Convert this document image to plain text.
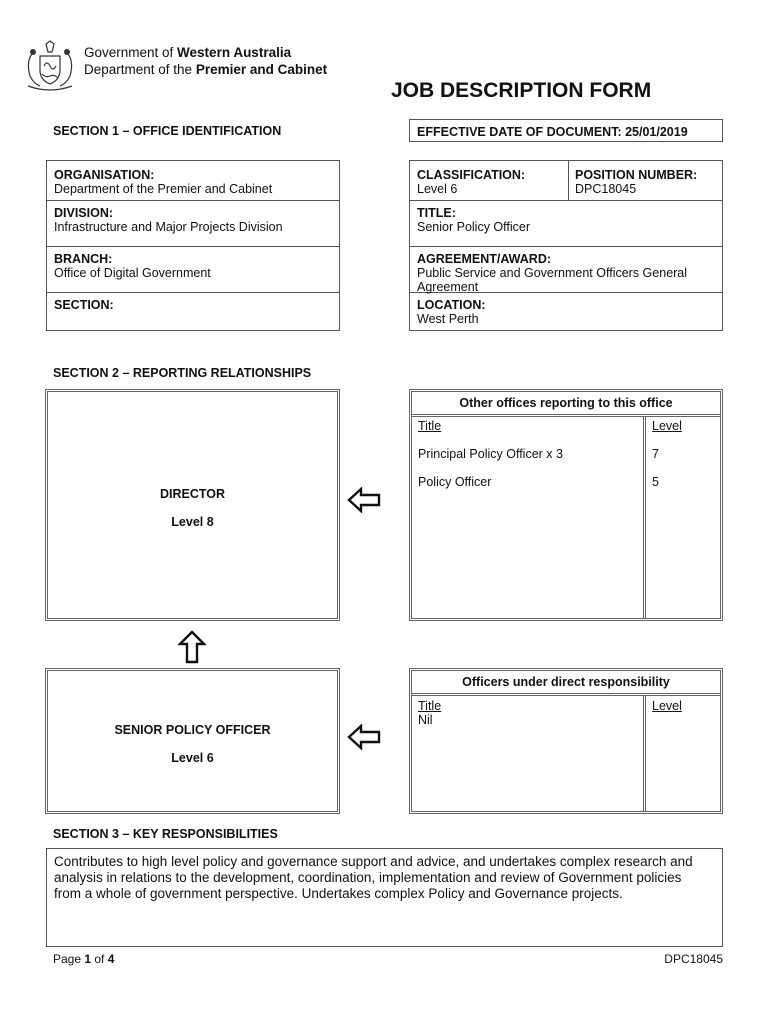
Government of Western Australia
Department of the Premier and Cabinet
JOB DESCRIPTION FORM
SECTION 1 – OFFICE IDENTIFICATION	EFFECTIVE DATE OF DOCUMENT: 25/01/2019
ORGANISATION:
Department of the Premier and Cabinet
DIVISION:
Infrastructure and Major Projects Division
BRANCH:
Office of Digital Government
SECTION:
CLASSIFICATION:
Level 6
POSITION NUMBER:
DPC18045
TITLE:
Senior Policy Officer
AGREEMENT/AWARD:
Public Service and Government Officers General Agreement
LOCATION:
West Perth
SECTION 2 – REPORTING RELATIONSHIPS
DIRECTOR
Level 8
Other offices reporting to this office
Title	Level
Principal Policy Officer x 3	7
Policy Officer	5
SENIOR POLICY OFFICER
Level 6
Officers under direct responsibility
Title	Level
Nil
SECTION 3 – KEY RESPONSIBILITIES
Contributes to high level policy and governance support and advice, and undertakes complex research and analysis in relations to the development, coordination, implementation and review of Government policies from a whole of government perspective. Undertakes complex Policy and Governance projects.
Page 1 of 4	DPC18045
